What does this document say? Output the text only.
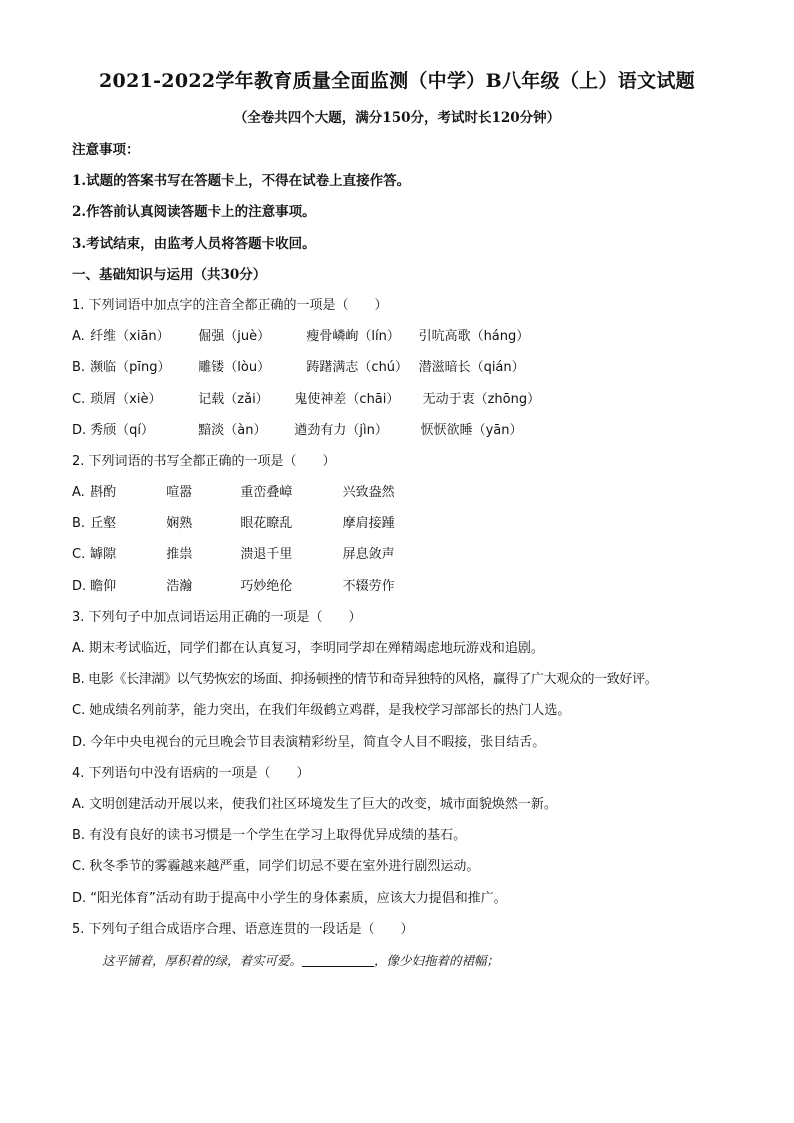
2021-2022学年教育质量全面监测（中学）B八年级（上）语文试题
（全卷共四个大题，满分150分，考试时长120分钟）
注意事项：
1.试题的答案书写在答题卡上，不得在试卷上直接作答。
2.作答前认真阅读答题卡上的注意事项。
3.考试结束，由监考人员将答题卡收回。
一、基础知识与运用（共30分）
1. 下列词语中加点字的注音全都正确的一项是（　　）
A. 纤维（xiān） 倔强（juè）	瘦骨嶙峋（lín） 引吭高歌（háng）
B. 濒临（pīng） 雕镂（lòu）	踌躇满志（chú） 潜滋暗长（qián）
C. 琐屑（xiè）	记载（zǎi） 鬼使神差（chāi） 无动于衷（zhōng）
D. 秀颀（qí）	黯淡（àn） 遒劲有力（jìn）	恹恹欲睡（yān）
2. 下列词语的书写全都正确的一项是（　　）
A. 斟酌	喧嚣	重峦叠嶂	兴致盎然
B. 丘壑	娴熟	眼花瞭乱	摩肩接踵
C. 罅隙	推祟	溃退千里	屏息敛声
D. 瞻仰	浩瀚	巧妙绝伦	不辍劳作
3. 下列句子中加点词语运用正确的一项是（　　）
A. 期末考试临近，同学们都在认真复习，李明同学却在殚精竭虑地玩游戏和追剧。
B. 电影《长津湖》以气势恢宏的场面、抑扬顿挫的情节和奇异独特的风格，赢得了广大观众的一致好评。
C. 她成绩名列前茅，能力突出，在我们年级鹤立鸡群，是我校学习部部长的热门人选。
D. 今年中央电视台的元旦晚会节目表演精彩纷呈，简直令人目不暇接，张目结舌。
4. 下列语句中没有语病的一项是（　　）
A. 文明创建活动开展以来，使我们社区环境发生了巨大的改变，城市面貌焕然一新。
B. 有没有良好的读书习惯是一个学生在学习上取得优异成绩的基石。
C. 秋冬季节的雾霾越来越严重，同学们切忌不要在室外进行剧烈运动。
D. “阳光体育”活动有助于提高中小学生的身体素质，应该大力提倡和推广。
5. 下列句子组合成语序合理、语意连贯的一段话是（　　）
这平铺着，厚积着的绿，着实可爱。	，像少妇拖着的裙幅；
